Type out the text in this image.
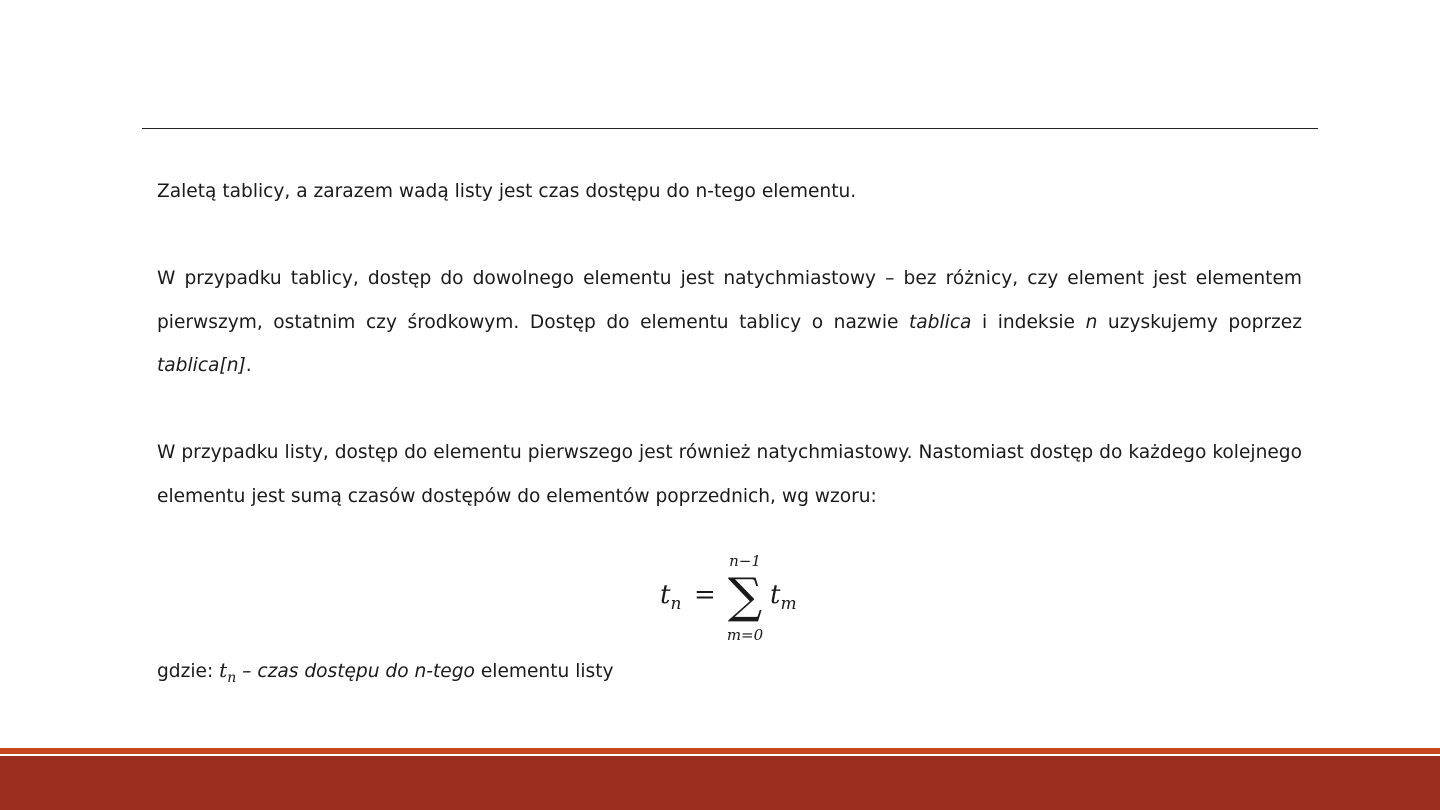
Zaletą tablicy, a zarazem wadą listy jest czas dostępu do n-tego elementu.

W przypadku tablicy, dostęp do dowolnego elementu jest natychmiastowy – bez różnicy, czy element jest elementem pierwszym, ostatnim czy środkowym. Dostęp do elementu tablicy o nazwie tablica i indeksie n uzyskujemy poprzez tablica[n].

W przypadku listy, dostęp do elementu pierwszego jest również natychmiastowy. Nastomiast dostęp do każdego kolejnego elementu jest sumą czasów dostępów do elementów poprzednich, wg wzoru:

$t_n$ =
n−1
∑
m=0
$t_m$
gdzie: $t_n$ – czas dostępu do n-tego elementu listy
